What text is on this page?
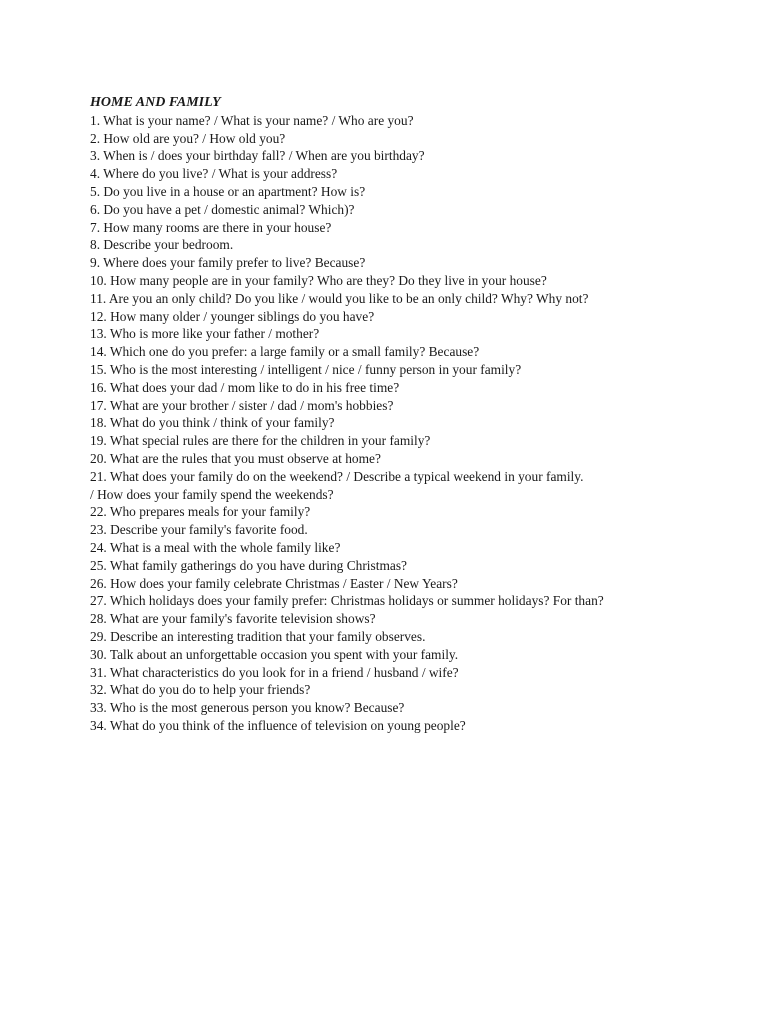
HOME AND FAMILY
1. What is your name? / What is your name? / Who are you?
2. How old are you? / How old you?
3. When is / does your birthday fall? / When are you birthday?
4. Where do you live? / What is your address?
5. Do you live in a house or an apartment? How is?
6. Do you have a pet / domestic animal? Which)?
7. How many rooms are there in your house?
8. Describe your bedroom.
9. Where does your family prefer to live? Because?
10. How many people are in your family? Who are they? Do they live in your house?
11. Are you an only child? Do you like / would you like to be an only child? Why? Why not?
12. How many older / younger siblings do you have?
13. Who is more like your father / mother?
14. Which one do you prefer: a large family or a small family? Because?
15. Who is the most interesting / intelligent / nice / funny person in your family?
16. What does your dad / mom like to do in his free time?
17. What are your brother / sister / dad / mom's hobbies?
18. What do you think / think of your family?
19. What special rules are there for the children in your family?
20. What are the rules that you must observe at home?
21. What does your family do on the weekend? / Describe a typical weekend in your family.
/ How does your family spend the weekends?
22. Who prepares meals for your family?
23. Describe your family's favorite food.
24. What is a meal with the whole family like?
25. What family gatherings do you have during Christmas?
26. How does your family celebrate Christmas / Easter / New Years?
27. Which holidays does your family prefer: Christmas holidays or summer holidays? For than?
28. What are your family's favorite television shows?
29. Describe an interesting tradition that your family observes.
30. Talk about an unforgettable occasion you spent with your family.
31. What characteristics do you look for in a friend / husband / wife?
32. What do you do to help your friends?
33. Who is the most generous person you know? Because?
34. What do you think of the influence of television on young people?
